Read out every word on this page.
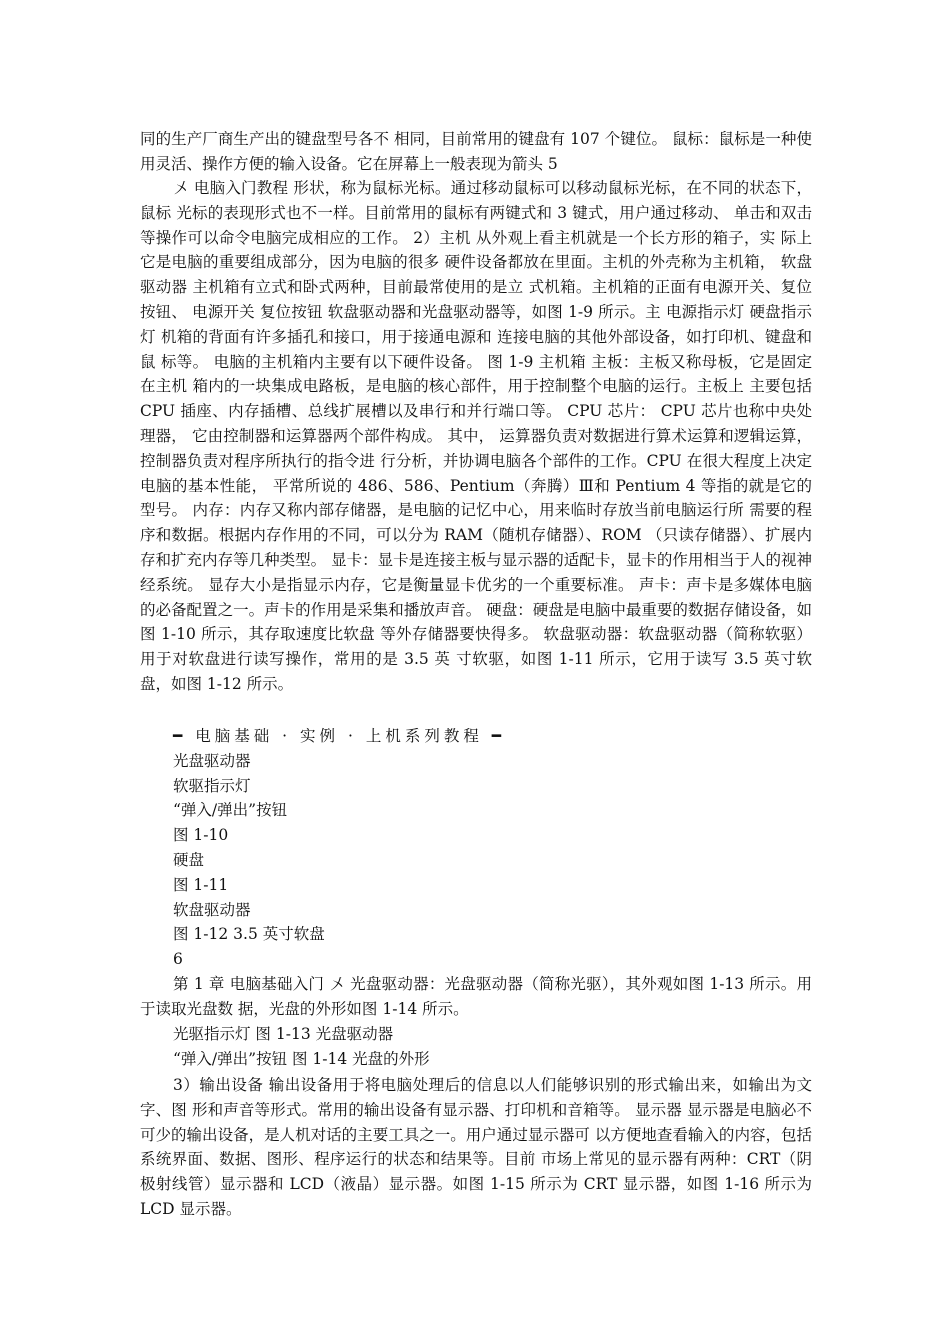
同的生产厂商生产出的键盘型号各不 相同，目前常用的键盘有 107 个键位。 鼠标：鼠标是一种使用灵活、操作方便的输入设备。它在屏幕上一般表现为箭头 5

〤 电脑入门教程 形状，称为鼠标光标。通过移动鼠标可以移动鼠标光标，在不同的状态下，鼠标 光标的表现形式也不一样。目前常用的鼠标有两键式和 3 键式，用户通过移动、 单击和双击等操作可以命令电脑完成相应的工作。 2）主机 从外观上看主机就是一个长方形的箱子，实 际上它是电脑的重要组成部分，因为电脑的很多 硬件设备都放在里面。主机的外壳称为主机箱， 软盘驱动器 主机箱有立式和卧式两种，目前最常使用的是立 式机箱。主机箱的正面有电源开关、复位按钮、 电源开关 复位按钮 软盘驱动器和光盘驱动器等，如图 1-9 所示。主 电源指示灯 硬盘指示灯 机箱的背面有许多插孔和接口，用于接通电源和 连接电脑的其他外部设备，如打印机、键盘和鼠 标等。 电脑的主机箱内主要有以下硬件设备。 图 1-9 主机箱 主板：主板又称母板，它是固定在主机 箱内的一块集成电路板，是电脑的核心部件，用于控制整个电脑的运行。主板上 主要包括 CPU 插座、内存插槽、总线扩展槽以及串行和并行端口等。 CPU 芯片： CPU 芯片也称中央处理器， 它由控制器和运算器两个部件构成。 其中， 运算器负责对数据进行算术运算和逻辑运算，控制器负责对程序所执行的指令进 行分析，并协调电脑各个部件的工作。CPU 在很大程度上决定电脑的基本性能， 平常所说的 486、586、Pentium（奔腾）Ⅲ和 Pentium 4 等指的就是它的型号。 内存：内存又称内部存储器，是电脑的记忆中心，用来临时存放当前电脑运行所 需要的程序和数据。根据内存作用的不同，可以分为 RAM（随机存储器）、ROM （只读存储器）、扩展内存和扩充内存等几种类型。 显卡：显卡是连接主板与显示器的适配卡，显卡的作用相当于人的视神经系统。 显存大小是指显示内存，它是衡量显卡优劣的一个重要标准。 声卡：声卡是多媒体电脑的必备配置之一。声卡的作用是采集和播放声音。 硬盘：硬盘是电脑中最重要的数据存储设备，如图 1-10 所示，其存取速度比软盘 等外存储器要快得多。 软盘驱动器：软盘驱动器（简称软驱）用于对软盘进行读写操作，常用的是 3.5 英 寸软驱，如图 1-11 所示，它用于读写 3.5 英寸软盘，如图 1-12 所示。

━ 电脑基础 · 实例 · 上机系列教程 ━

光盘驱动器

软驱指示灯

“弹入/弹出”按钮

图 1-10

硬盘

图 1-11

软盘驱动器

图 1-12 3.5 英寸软盘

6

第 1 章 电脑基础入门 〤 光盘驱动器：光盘驱动器（简称光驱），其外观如图 1-13 所示。用于读取光盘数 据，光盘的外形如图 1-14 所示。

光驱指示灯 图 1-13 光盘驱动器

“弹入/弹出”按钮 图 1-14 光盘的外形

3）输出设备 输出设备用于将电脑处理后的信息以人们能够识别的形式输出来，如输出为文字、图 形和声音等形式。常用的输出设备有显示器、打印机和音箱等。 显示器 显示器是电脑必不可少的输出设备，是人机对话的主要工具之一。用户通过显示器可 以方便地查看输入的内容，包括系统界面、数据、图形、程序运行的状态和结果等。目前 市场上常见的显示器有两种：CRT（阴极射线管）显示器和 LCD（液晶）显示器。如图 1-15 所示为 CRT 显示器，如图 1-16 所示为 LCD 显示器。
